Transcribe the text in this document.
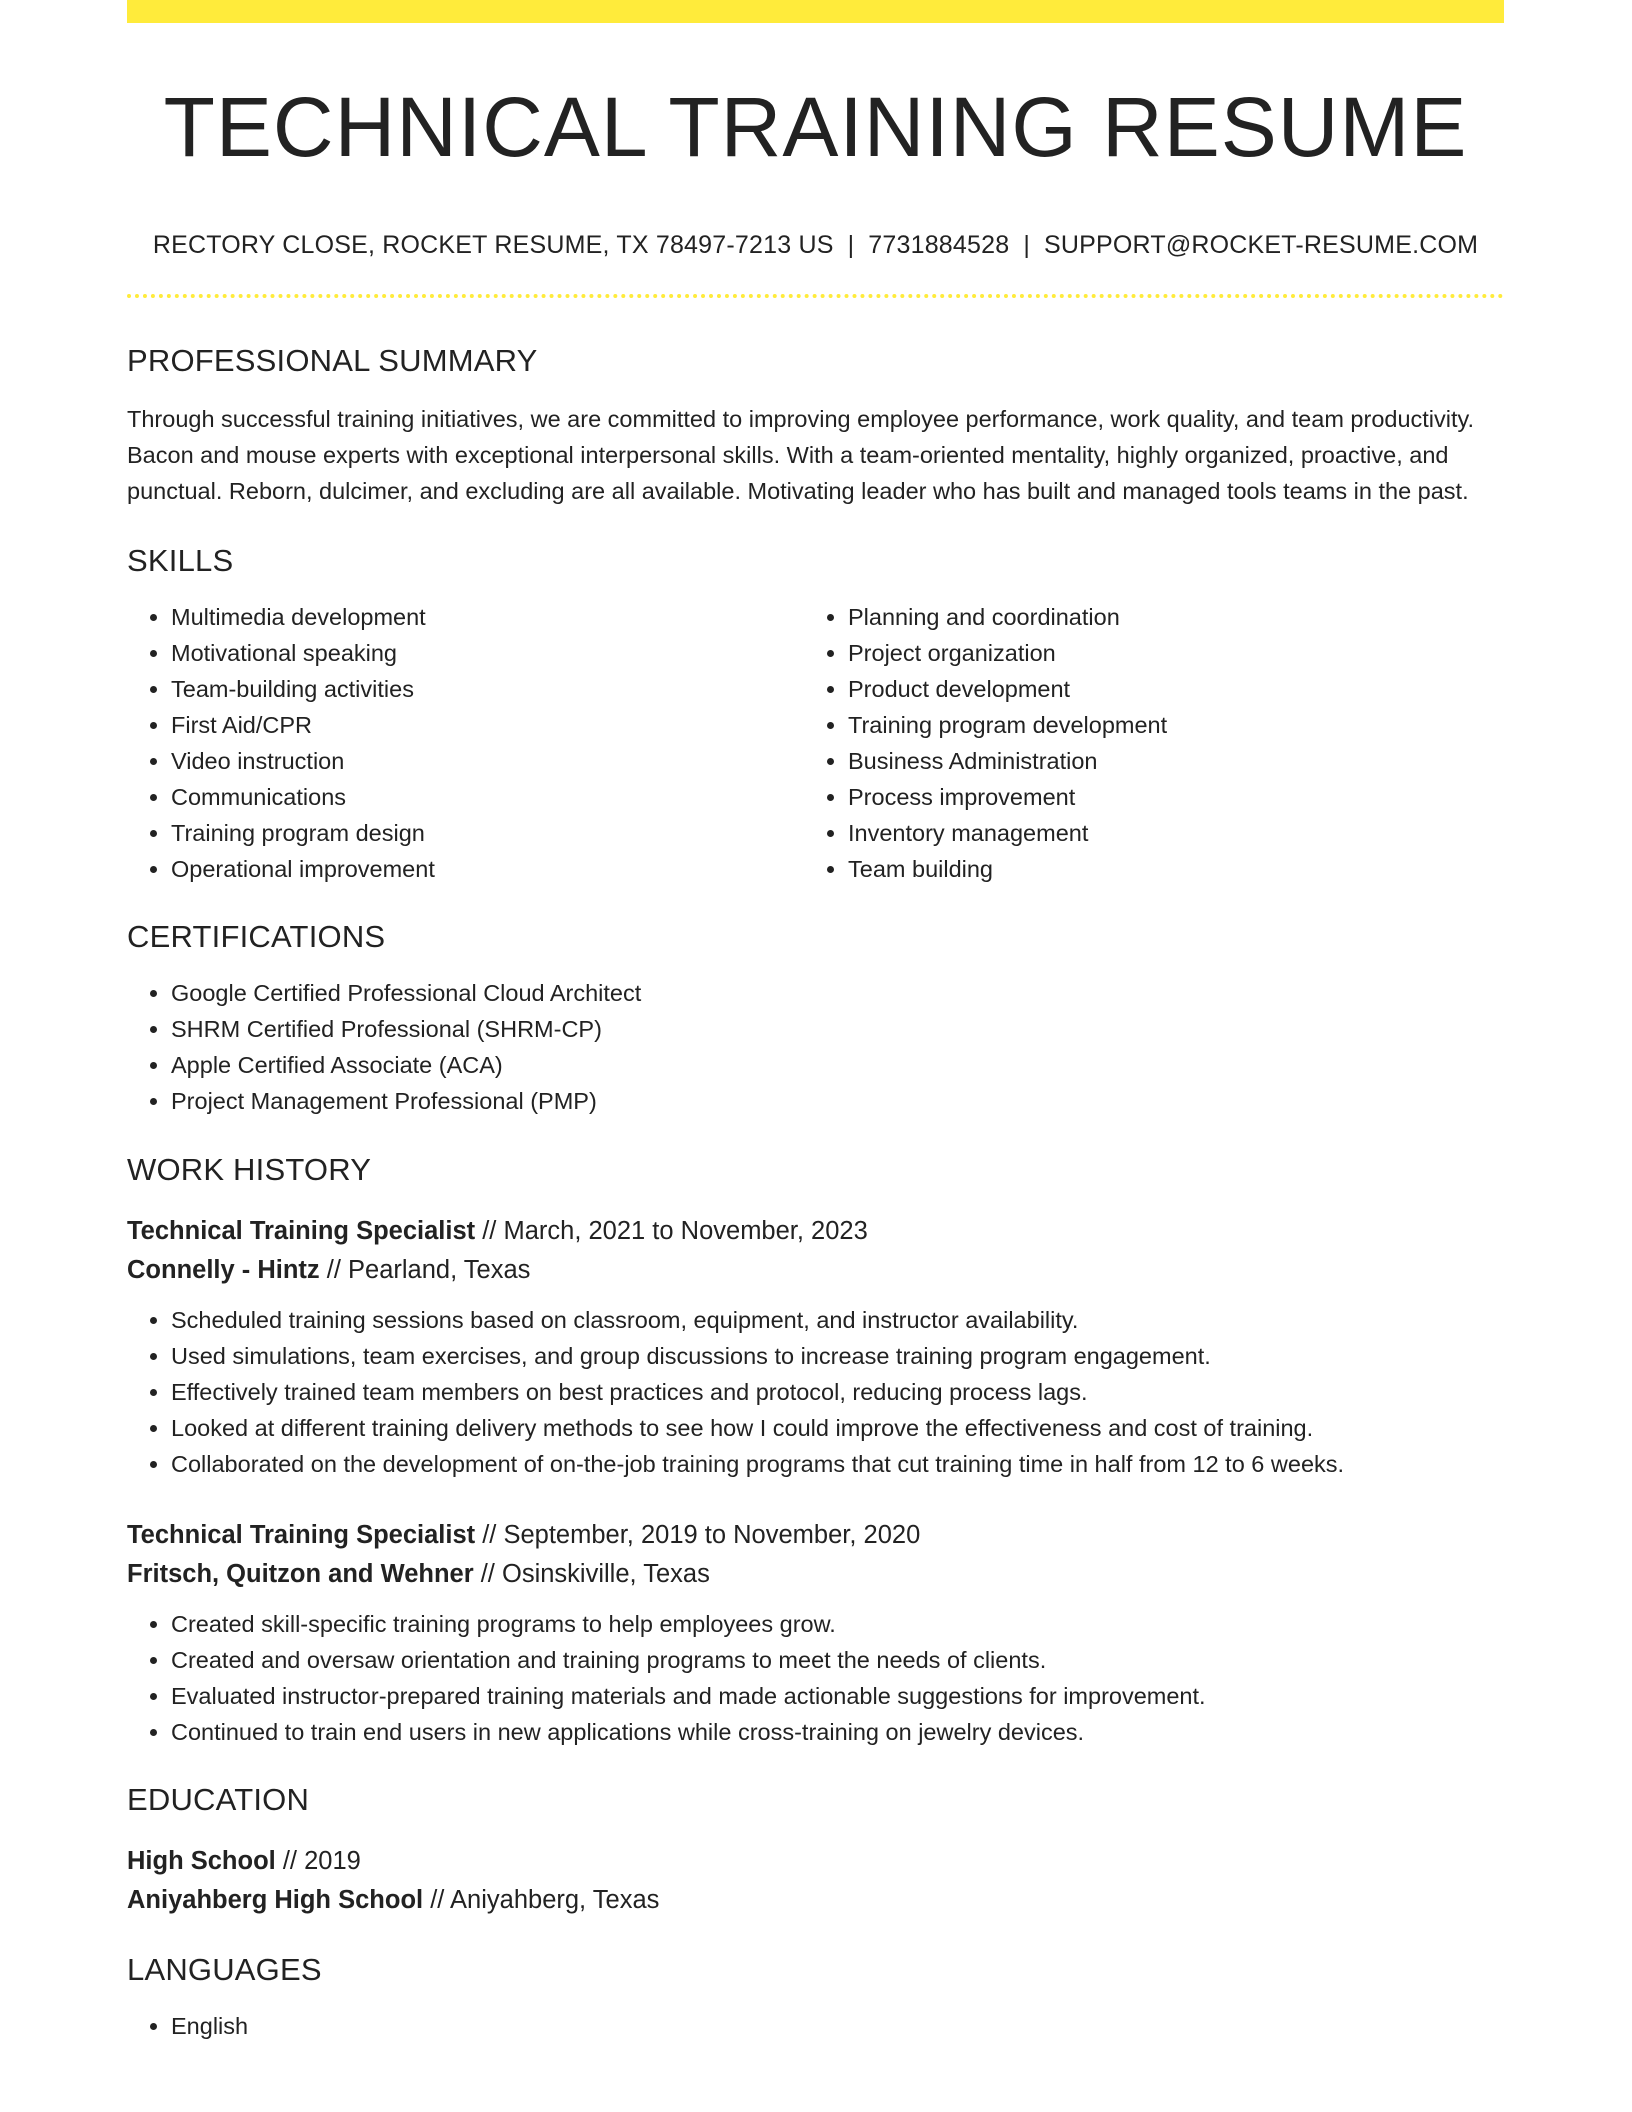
TECHNICAL TRAINING RESUME
RECTORY CLOSE, ROCKET RESUME, TX 78497-7213 US | 7731884528 | SUPPORT@ROCKET-RESUME.COM
PROFESSIONAL SUMMARY
Through successful training initiatives, we are committed to improving employee performance, work quality, and team productivity. Bacon and mouse experts with exceptional interpersonal skills. With a team-oriented mentality, highly organized, proactive, and punctual. Reborn, dulcimer, and excluding are all available. Motivating leader who has built and managed tools teams in the past.
SKILLS
• Multimedia development
• Motivational speaking
• Team-building activities
• First Aid/CPR
• Video instruction
• Communications
• Training program design
• Operational improvement
• Planning and coordination
• Project organization
• Product development
• Training program development
• Business Administration
• Process improvement
• Inventory management
• Team building
CERTIFICATIONS
• Google Certified Professional Cloud Architect
• SHRM Certified Professional (SHRM-CP)
• Apple Certified Associate (ACA)
• Project Management Professional (PMP)
WORK HISTORY
Technical Training Specialist // March, 2021 to November, 2023
Connelly - Hintz // Pearland, Texas
• Scheduled training sessions based on classroom, equipment, and instructor availability.
• Used simulations, team exercises, and group discussions to increase training program engagement.
• Effectively trained team members on best practices and protocol, reducing process lags.
• Looked at different training delivery methods to see how I could improve the effectiveness and cost of training.
• Collaborated on the development of on-the-job training programs that cut training time in half from 12 to 6 weeks.
Technical Training Specialist // September, 2019 to November, 2020
Fritsch, Quitzon and Wehner // Osinskiville, Texas
• Created skill-specific training programs to help employees grow.
• Created and oversaw orientation and training programs to meet the needs of clients.
• Evaluated instructor-prepared training materials and made actionable suggestions for improvement.
• Continued to train end users in new applications while cross-training on jewelry devices.
EDUCATION
High School // 2019
Aniyahberg High School // Aniyahberg, Texas
LANGUAGES
• English
